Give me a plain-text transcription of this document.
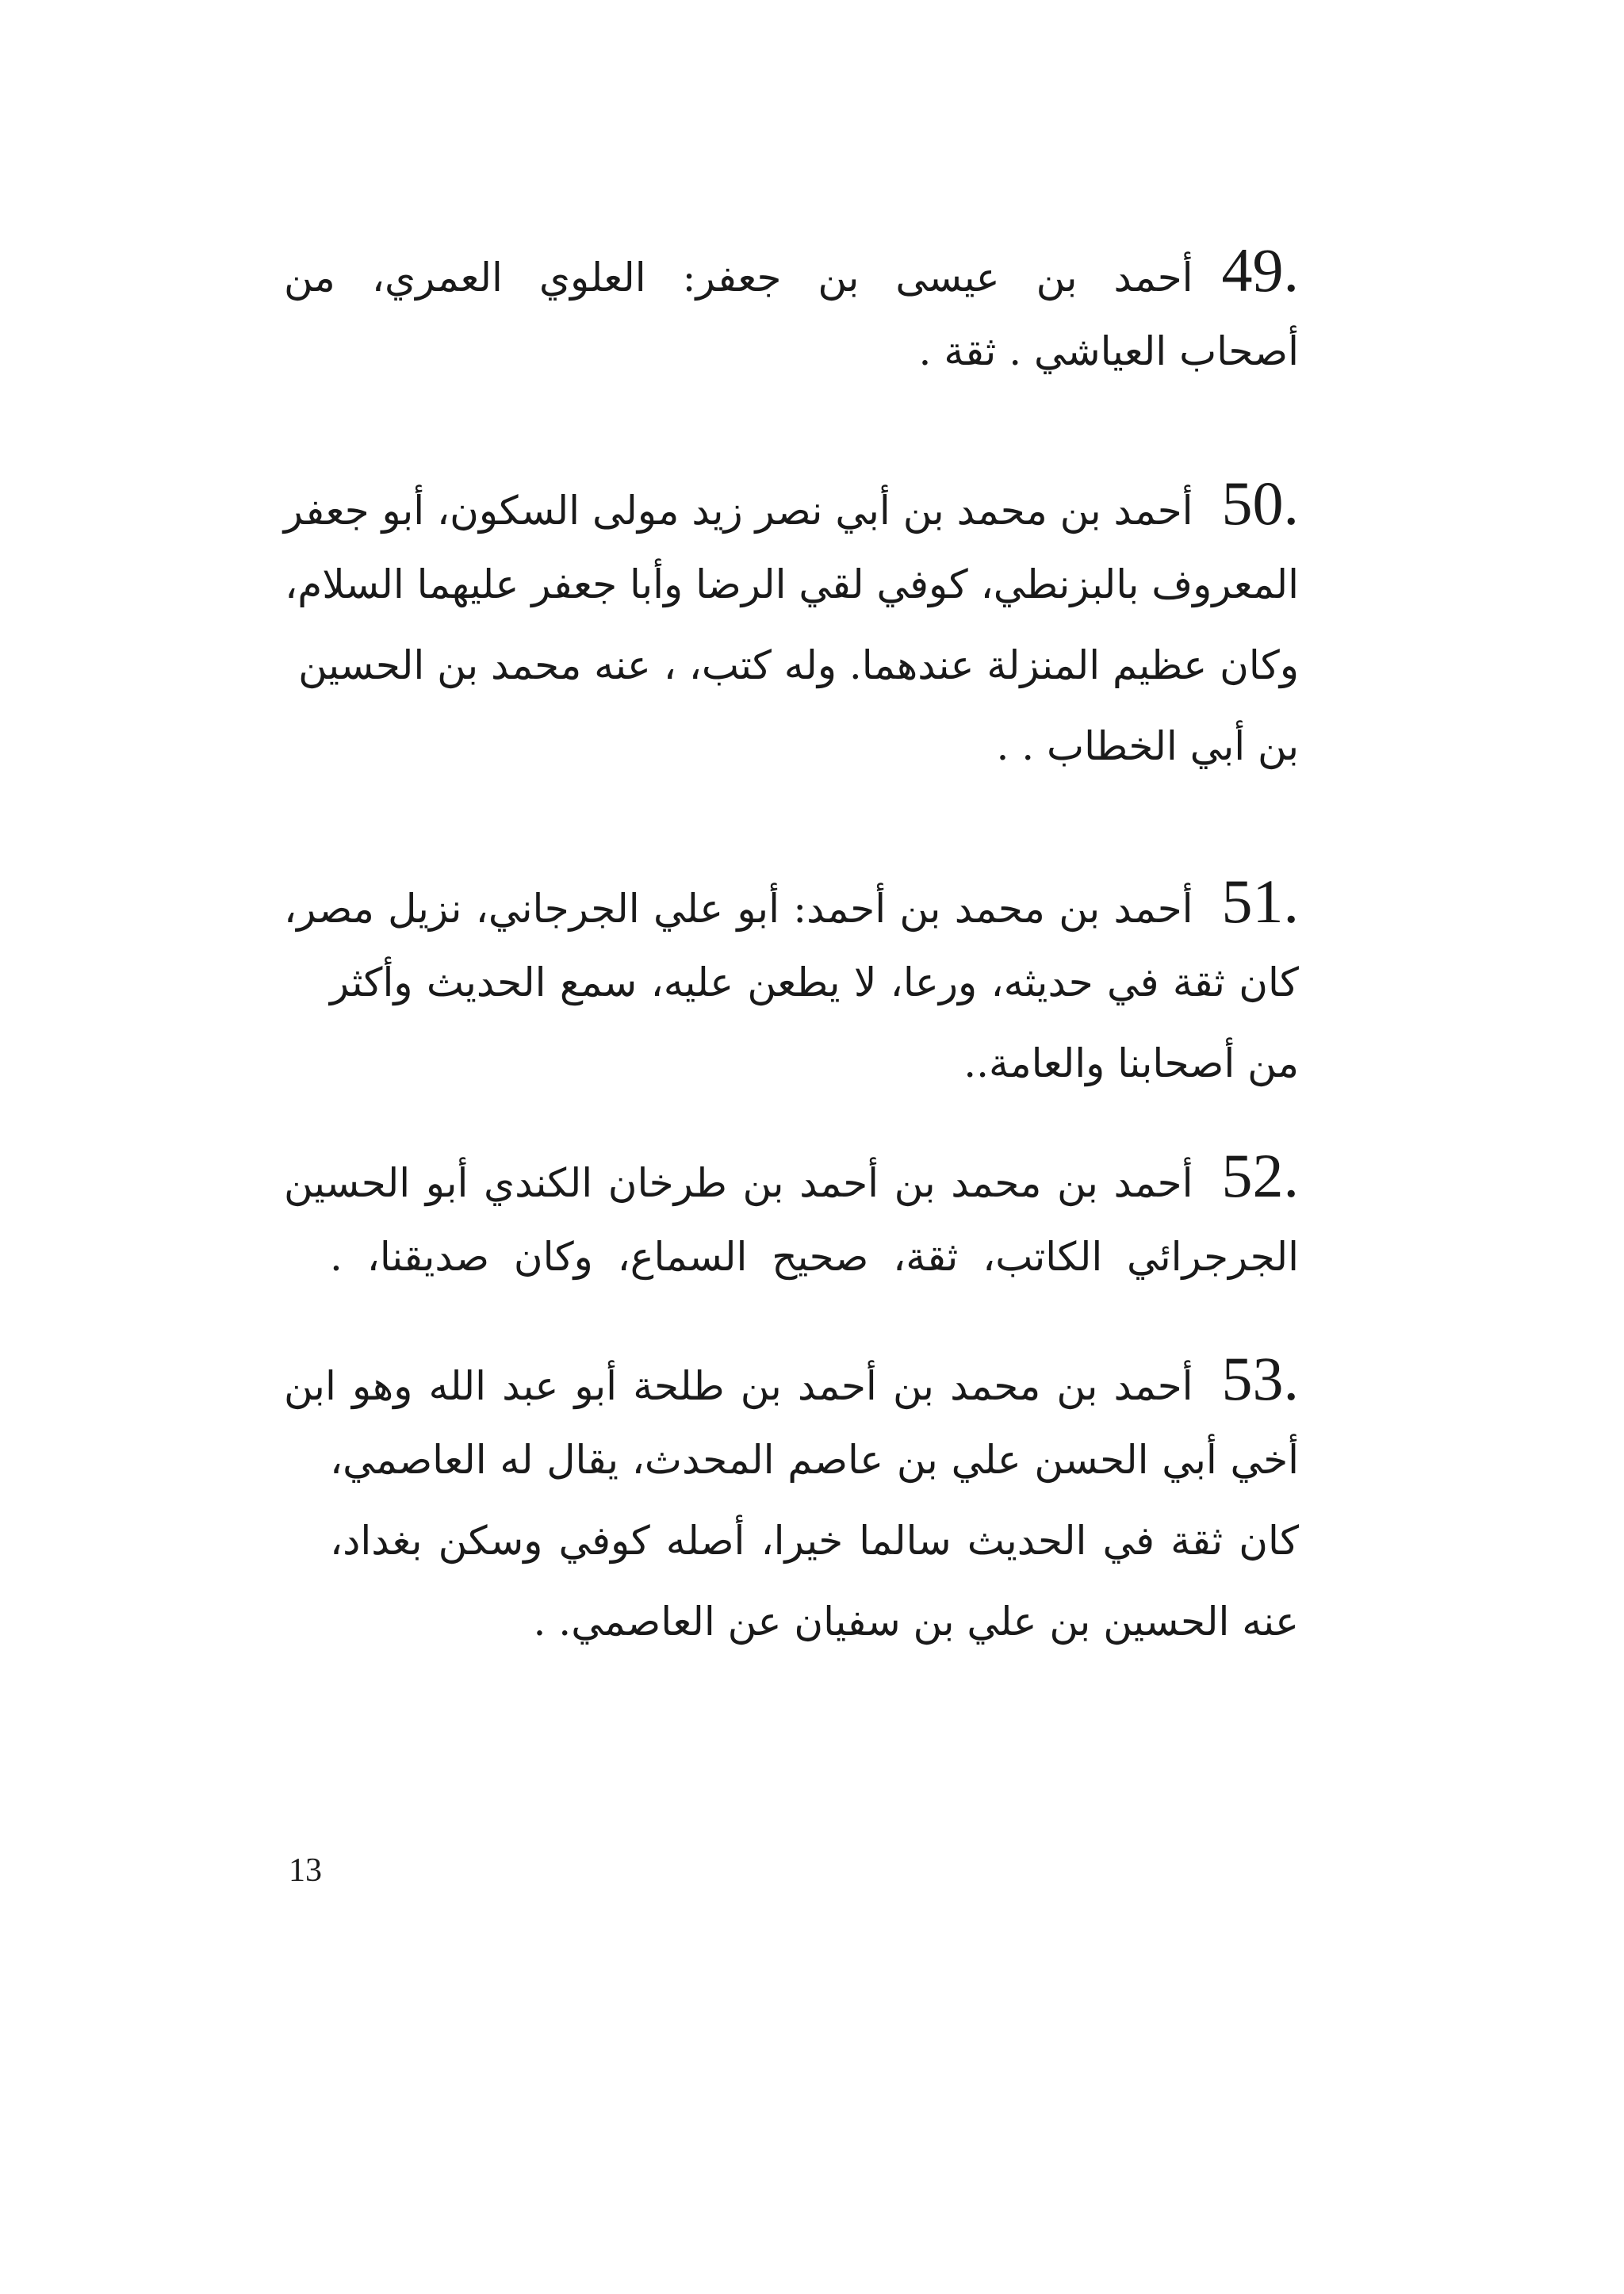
49.
أحمد بن عيسى بن جعفر: العلوي العمري، من
أصحاب العياشي . ثقة .
50.
أحمد بن محمد بن أبي نصر زيد مولى السكون، أبو جعفر
المعروف بالبزنطي، كوفي لقي الرضا وأبا جعفر عليهما السلام،
وكان عظيم المنزلة عندهما. وله كتب، ، عنه محمد بن الحسين
بن أبي الخطاب . .
51.
أحمد بن محمد بن أحمد: أبو علي الجرجاني، نزيل مصر،
كان ثقة في حديثه، ورعا، لا يطعن عليه، سمع الحديث وأكثر
من أصحابنا والعامة..
52.
أحمد بن محمد بن أحمد بن طرخان الكندي أبو الحسين
الجرجرائي الكاتب، ثقة، صحيح السماع، وكان صديقنا، .
53.
أحمد بن محمد بن أحمد بن طلحة أبو عبد الله وهو ابن
أخي أبي الحسن علي بن عاصم المحدث، يقال له العاصمي،
كان ثقة في الحديث سالما خيرا، أصله كوفي وسكن بغداد،
عنه الحسين بن علي بن سفيان عن العاصمي. .
13
